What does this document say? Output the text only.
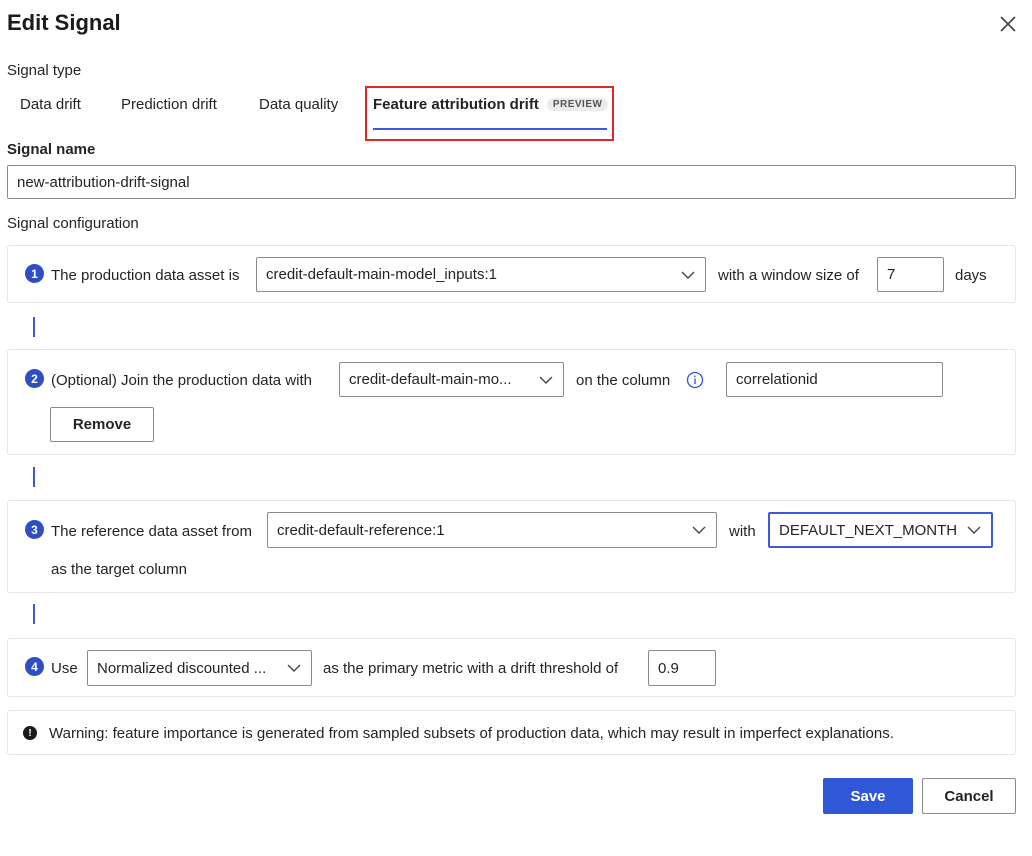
Edit Signal
Signal type
Data drift	Prediction drift	Data quality Feature attribution drift PREVIEW
Signal name
new-attribution-drift-signal
Signal configuration
1 The production data asset is credit-default-main-model_inputs:1	with a window size of	7	days
2 (Optional) Join the production data with credit-default-main-mo...	on the column	correlationid
Remove
3 The reference data asset from credit-default-reference:1	with DEFAULT_NEXT_MONTH
as the target column
4 Use Normalized discounted ...	as the primary metric with a drift threshold of	0.9
!	Warning: feature importance is generated from sampled subsets of production data, which may result in imperfect explanations.
Save	Cancel
